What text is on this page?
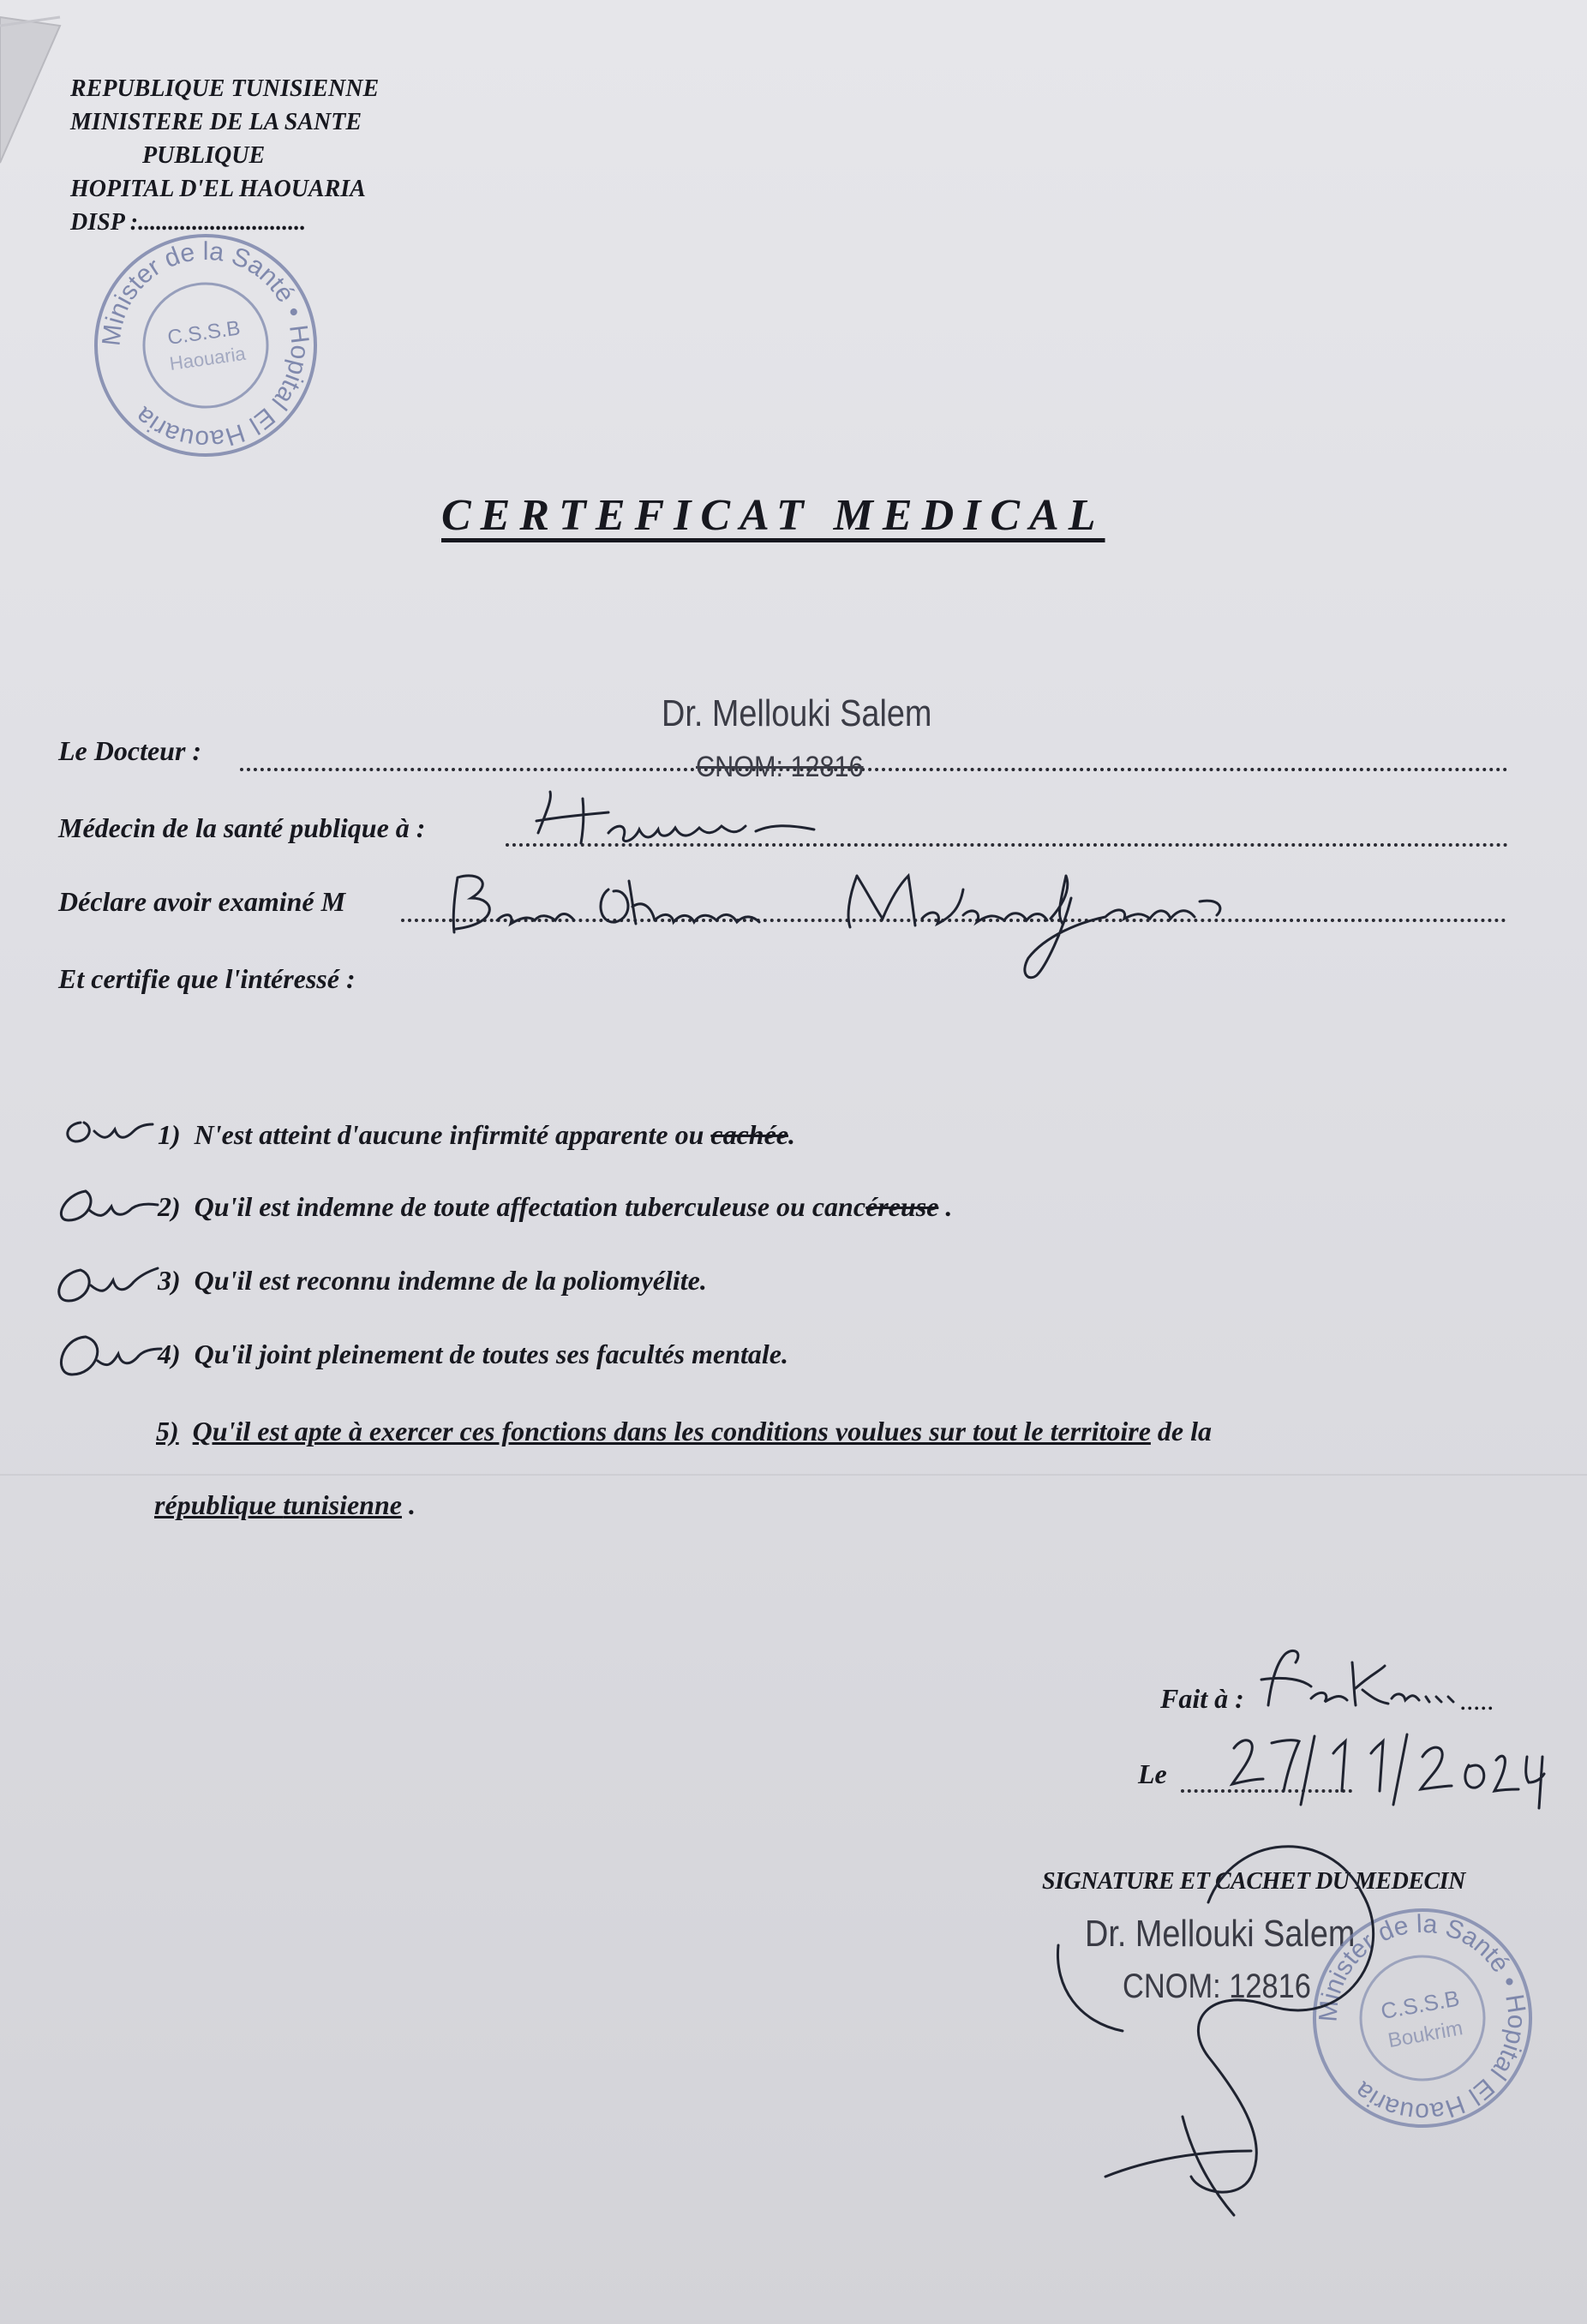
REPUBLIQUE TUNISIENNE
MINISTERE DE LA SANTE
PUBLIQUE
HOPITAL D'EL HAOUARIA
DISP :............................
Minister de la Santé • Hopital El Haouaria
C.S.S.B
Haouaria
CERTEFICAT MEDICAL
Dr. Mellouki Salem
Le Docteur :	CNOM: 12816
Médecin de la santé publique à :
Déclare avoir examiné M
Et certifie que l'intéressé :
1) N'est atteint d'aucune infirmité apparente ou cachée.
2) Qu'il est indemne de toute affectation tuberculeuse ou cancéreuse .
3) Qu'il est reconnu indemne de la poliomyélite.
4) Qu'il joint pleinement de toutes ses facultés mentale.
5) Qu'il est apte à exercer ces fonctions dans les conditions voulues sur tout le territoire de la
république tunisienne .
Fait à :	.....
Le
SIGNATURE ET CACHET DU MEDECIN
Dr. Mellouki Salem
CNOM: 12816
Minister de la Santé • Hopital El Haouaria
C.S.S.B
Boukrim
